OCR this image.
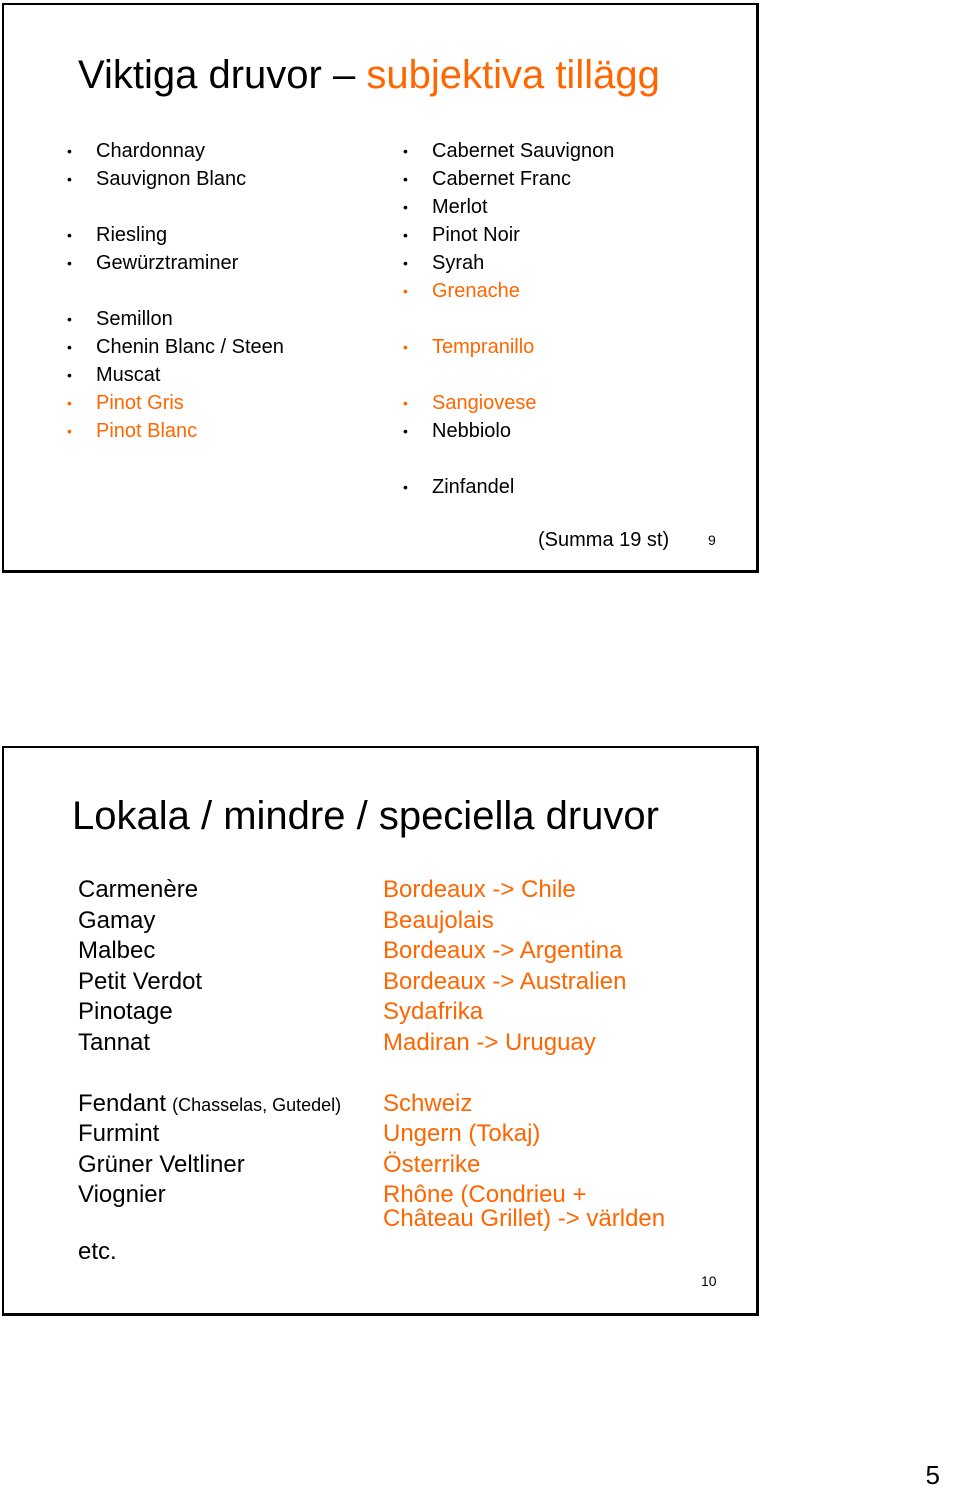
Viktiga druvor – subjektiva tillägg
• Chardonnay
• Sauvignon Blanc
• Riesling
• Gewürztraminer
• Semillon
• Chenin Blanc / Steen
• Muscat
• Pinot Gris
• Pinot Blanc
• Cabernet Sauvignon
• Cabernet Franc
• Merlot
• Pinot Noir
• Syrah
• Grenache
• Tempranillo
• Sangiovese
• Nebbiolo
• Zinfandel
(Summa 19 st)	9
Lokala / mindre / speciella druvor
Carmenère
Gamay
Malbec
Petit Verdot
Pinotage
Tannat
Fendant (Chasselas, Gutedel)
Furmint
Grüner Veltliner
Viognier
etc.
Bordeaux -> Chile
Beaujolais
Bordeaux -> Argentina
Bordeaux -> Australien
Sydafrika
Madiran -> Uruguay
Schweiz
Ungern (Tokaj)
Österrike
Rhône (Condrieu +
Château Grillet) -> världen
10
5
